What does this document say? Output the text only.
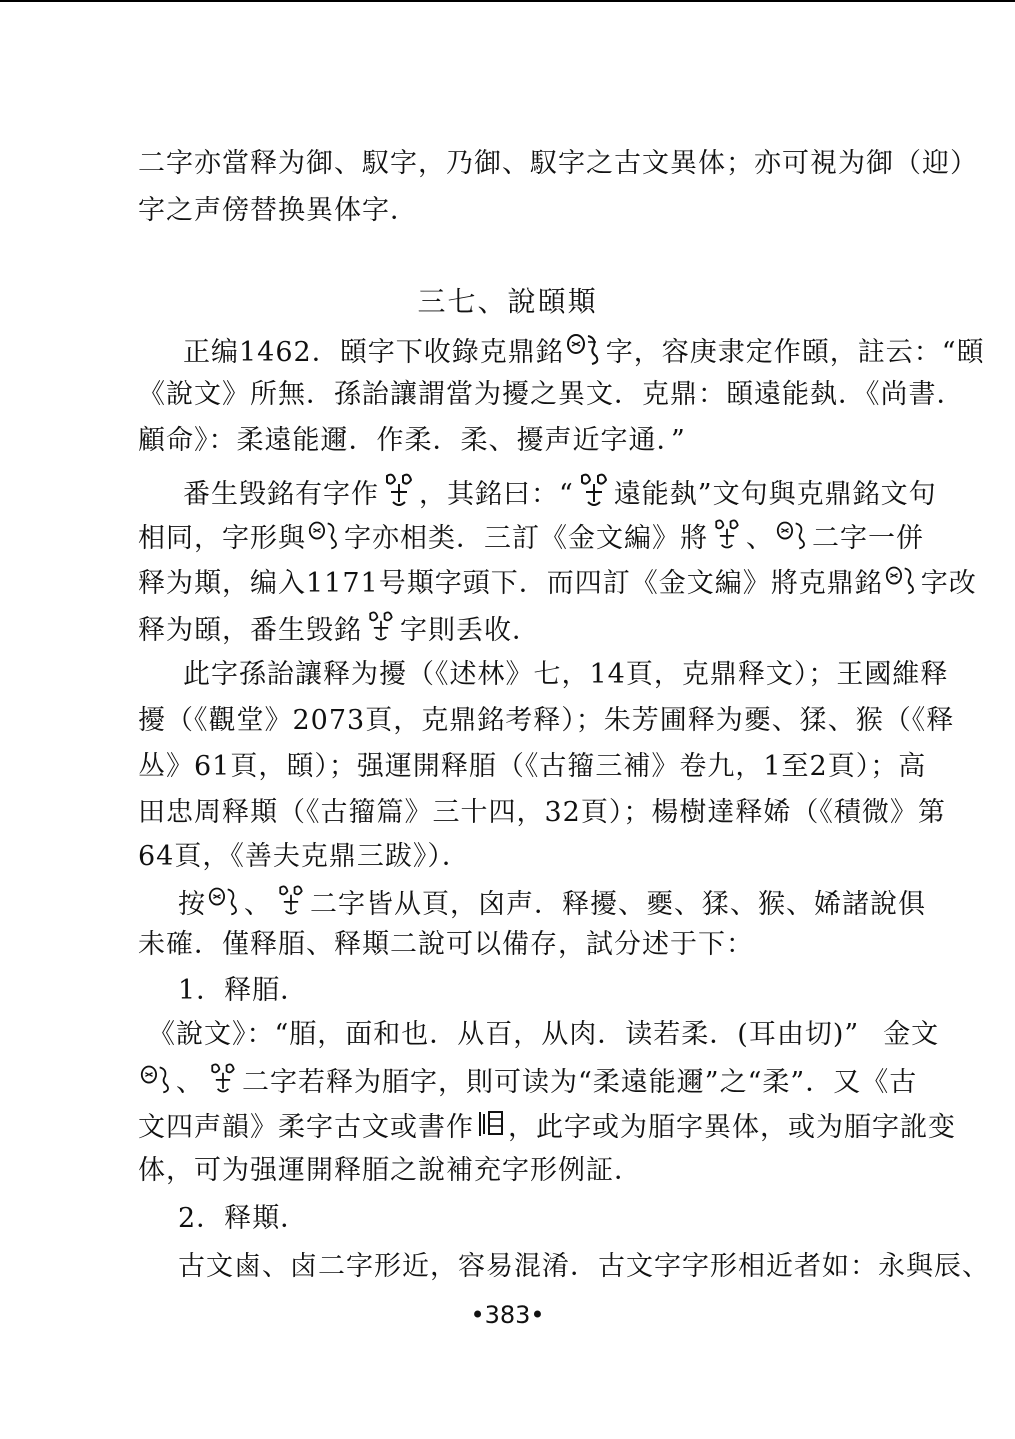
二字亦當释为御、馭字，乃御、馭字之古文異体；亦可視为御（迎）
字之声傍替换異体字．
三七、說頣䫏
正编1462．頣字下收錄克鼎銘 字，容庚隶定作頣，註云：“頣
《說文》所無．孫詒讓謂當为擾之異文．克鼎：頣遠能埶．《尚書．
顧命》：柔遠能邇．作柔．柔、擾声近字通．”
番生毁銘有字作 ，其銘曰：“ 遠能埶”文句與克鼎銘文句
相同，字形與 字亦相类．三訂《金文編》將 、 二字一併
释为䫏，编入1171号䫏字頭下．而四訂《金文編》將克鼎銘 字改
释为頣，番生毁銘 字則丢收．
此字孫詒讓释为擾（《述林》七，14頁，克鼎释文）；王國維释
擾（《觀堂》2073頁，克鼎銘考释）；朱芳圃释为夒、猱、猴（《释
丛》61頁，頣）；强運開释脜（《古籀三補》卷九，1至2頁）；高
田忠周释䫏（《古籀篇》三十四，32頁）；楊樹達释㛓（《積微》第
64頁，《善夫克鼎三跋》）．
按 、 二字皆从頁，囟声．释擾、夒、猱、猴、㛓諸說俱
未確．僅释脜、释䫏二說可以備存，試分述于下：
1．释脜．
《說文》：“脜，面和也．从百，从肉．读若柔．(耳由切)” 金文
、 二字若释为脜字，則可读为“柔遠能邇”之“柔”．又《古
文四声韻》柔字古文或書作 ，此字或为脜字異体，或为脜字訛变
体，可为强運開释脜之說補充字形例証．
2．释䫏．
古文鹵、卤二字形近，容易混淆．古文字字形相近者如：永與辰、
•383•
